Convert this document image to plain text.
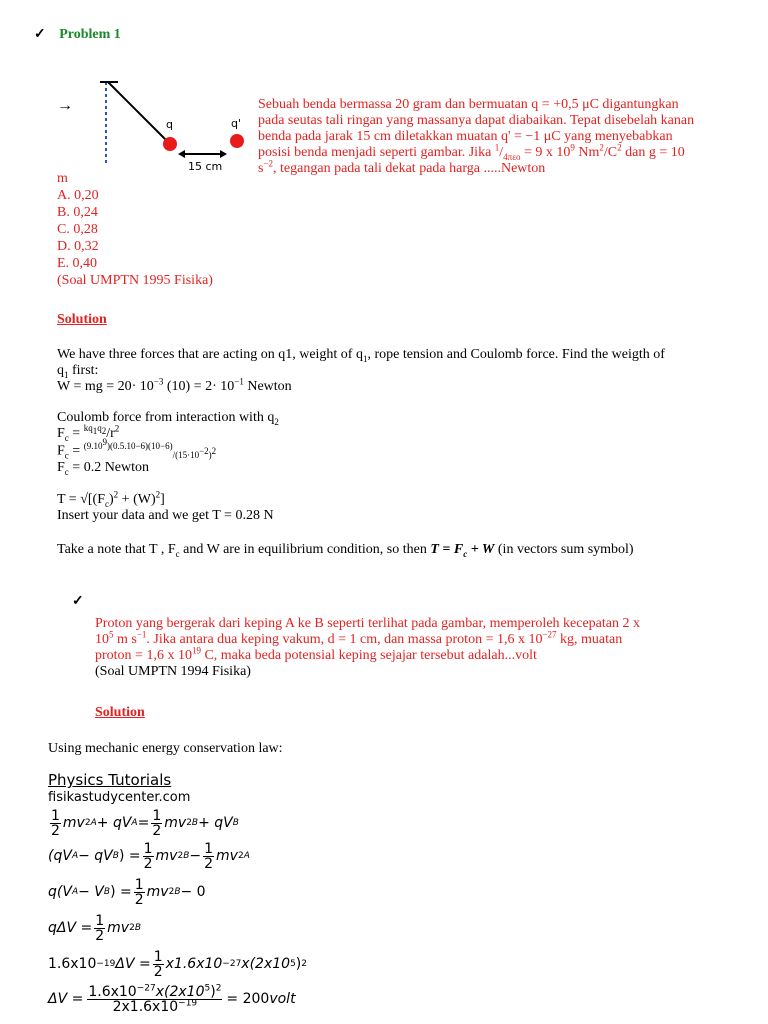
✓ Problem 1
→
q	q'
15 cm
Sebuah benda bermassa 20 gram dan bermuatan q = +0,5 μC digantungkan
pada seutas tali ringan yang massanya dapat diabaikan. Tepat disebelah kanan
benda pada jarak 15 cm diletakkan muatan q' = −1 μC yang menyebabkan
posisi benda menjadi seperti gambar. Jika $^1/_{4\pi\varepsilon o} = 9$ x $10^9$ $Nm^2/C^2$ dan g = 10
$s^{-2}$, tegangan pada tali dekat pada harga .....Newton
m
A. 0,20
B. 0,24
C. 0,28
D. 0,32
E. 0,40
(Soal UMPTN 1995 Fisika)
Solution
We have three forces that are acting on q1, weight of $q_1$, rope tension and Coulomb force. Find the weigth of
$q_1$ first:
W = mg = $20\cdot 10^{-3}$ $(10) = 2\cdot 10^{-1}$ Newton
Coulomb force from interaction with $q_2$
$F_c = ^{kq_1q_2}/r^2$
$F_c = ^{(9.10^9)(0.5.10-6)(10-6)}_{/(15\cdot 10^{-2})^2}$
$F_c = 0.2$ Newton
$T = √[(F_c)^2 + (W)^2]$
Insert your data and we get T = 0.28 N
Take a note that T , $F_c$ and W are in equilibrium condition, so then $T = F_c + W$ (in vectors sum symbol)
✓
Proton yang bergerak dari keping A ke B seperti terlihat pada gambar, memperoleh kecepatan 2 x
$10^5$ m $s^{-1}$. Jika antara dua keping vakum, d = 1 cm, dan massa proton = 1,6 x $10^{-27}$ kg, muatan
proton = 1,6 x $10^{19}$ C, maka beda potensial keping sejajar tersebut adalah...volt
(Soal UMPTN 1994 Fisika)
Solution
Using mechanic energy conservation law:
Physics Tutorials
fisikastudycenter.com
$\frac{1}{2}$ mv 2 A + qV $A = \frac{1}{2}$ mv 2 B + qV B
(qV A − qV B ) = $\frac{1}{2}$ mv 2 $B - \frac{1}{2}$ mv 2 A
q(V A − V B ) = $\frac{1}{2}$ mv 2 B − 0
$q\Delta V = \frac{1}{2}$ mv 2 B
1.6x10 −19 $\Delta V = \frac{1}{2} x1.6x10 -27$ x(2x10 5 ) 2
$\Delta V = \frac{1.6x10^{-27}x(2x10^5)^2}{2x1.6x10^{-19}} = 200$ volt
